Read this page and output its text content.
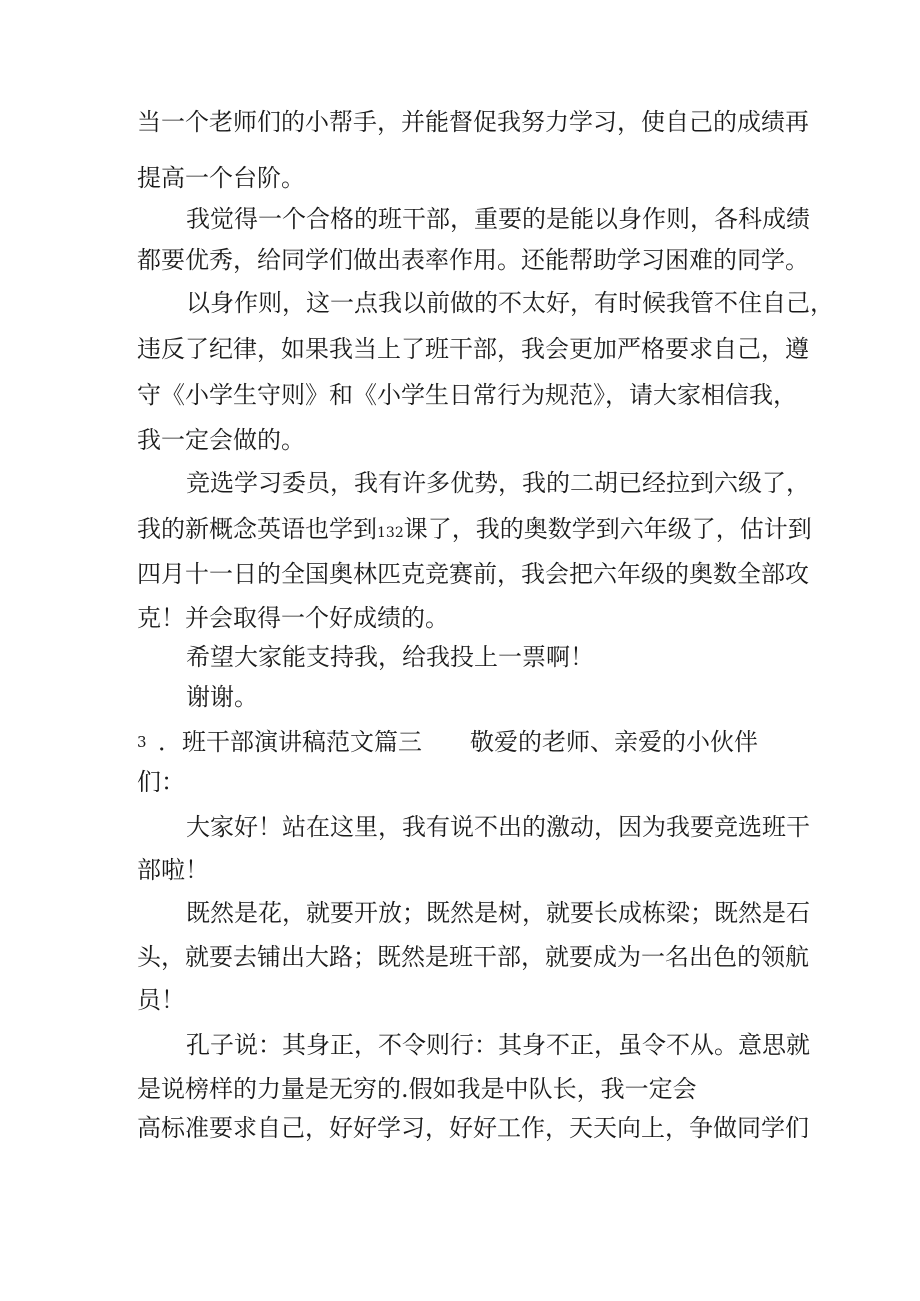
当一个老师们的小帮手，并能督促我努力学习，使自己的成绩再
提高一个台阶。
我觉得一个合格的班干部，重要的是能以身作则，各科成绩
都要优秀，给同学们做出表率作用。还能帮助学习困难的同学。
以身作则，这一点我以前做的不太好，有时候我管不住自己，
违反了纪律，如果我当上了班干部，我会更加严格要求自己，遵
守《小学生守则》和《小学生日常行为规范》，请大家相信我，
我一定会做的。
竞选学习委员，我有许多优势，我的二胡已经拉到六级了，
我的新概念英语也学到132课了，我的奥数学到六年级了，估计到
四月十一日的全国奥林匹克竞赛前，我会把六年级的奥数全部攻
克！并会取得一个好成绩的。
希望大家能支持我，给我投上一票啊！
谢谢。
3 ．班干部演讲稿范文篇三 敬爱的老师、亲爱的小伙伴
们：
大家好！站在这里，我有说不出的激动，因为我要竞选班干
部啦！
既然是花，就要开放；既然是树，就要长成栋梁；既然是石
头，就要去铺出大路；既然是班干部，就要成为一名出色的领航
员！
孔子说：其身正，不令则行：其身不正，虽令不从。意思就
是说榜样的力量是无穷的.假如我是中队长，我一定会
高标准要求自己，好好学习，好好工作，天天向上，争做同学们
